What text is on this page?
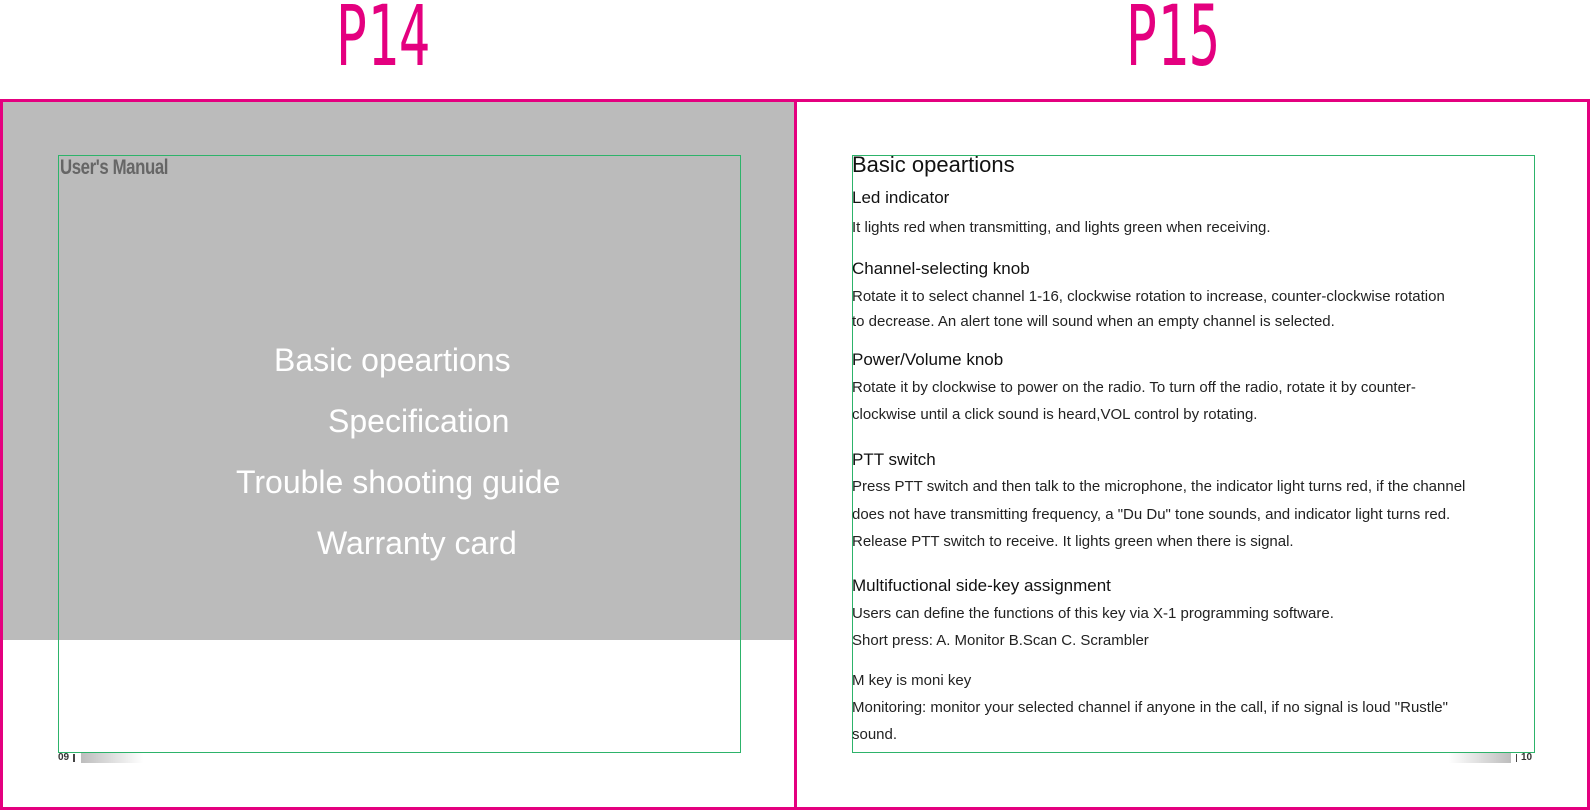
P14	P15
User's Manual
Basic opeartions
Specification
Trouble shooting guide
Warranty card
09	10
Basic opeartions
Led indicator
It lights red when transmitting, and lights green when receiving.
Channel-selecting knob
Rotate it to select channel 1-16, clockwise rotation to increase, counter-clockwise rotation
to decrease. An alert tone will sound when an empty channel is selected.
Power/Volume knob
Rotate it by clockwise to power on the radio. To turn off the radio, rotate it by counter-
clockwise until a click sound is heard,VOL control by rotating.
PTT switch
Press PTT switch and then talk to the microphone, the indicator light turns red, if the channel
does not have transmitting frequency, a "Du Du" tone sounds, and indicator light turns red.
Release PTT switch to receive. It lights green when there is signal.
Multifuctional side-key assignment
Users can define the functions of this key via X-1 programming software.
Short press: A. Monitor B.Scan C. Scrambler
M key is moni key
Monitoring: monitor your selected channel if anyone in the call, if no signal is loud "Rustle"
sound.
